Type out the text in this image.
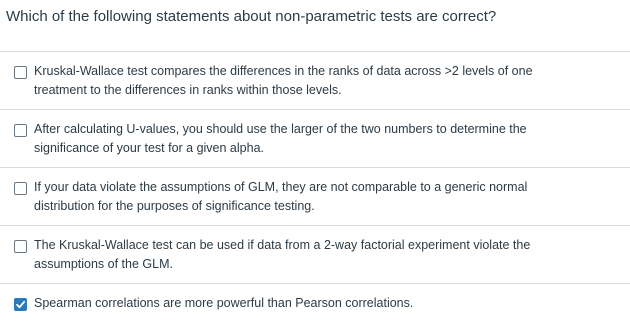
Which of the following statements about non-parametric tests are correct?
Kruskal-Wallace test compares the differences in the ranks of data across >2 levels of one
treatment to the differences in ranks within those levels.
After calculating U-values, you should use the larger of the two numbers to determine the
significance of your test for a given alpha.
If your data violate the assumptions of GLM, they are not comparable to a generic normal
distribution for the purposes of significance testing.
The Kruskal-Wallace test can be used if data from a 2-way factorial experiment violate the
assumptions of the GLM.
Spearman correlations are more powerful than Pearson correlations.
